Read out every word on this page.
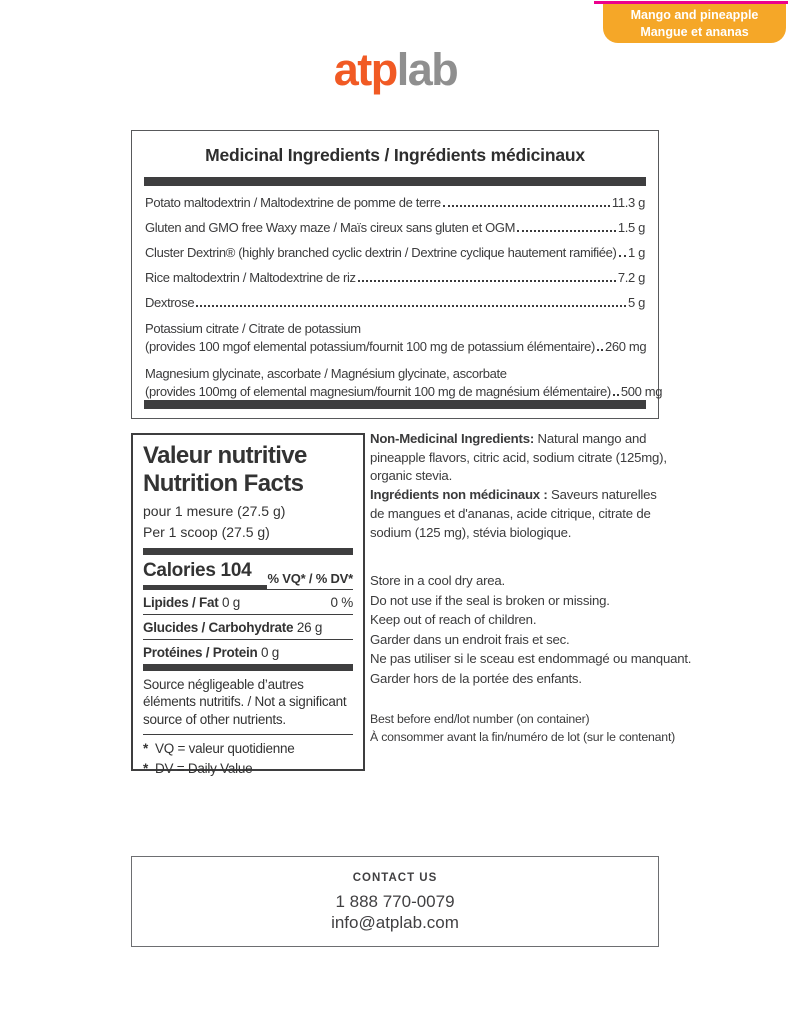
Mango and pineapple
Mangue et ananas
atplab
Medicinal Ingredients / Ingrédients médicinaux
Potato maltodextrin / Maltodextrine de pomme de terre	11.3 g
Gluten and GMO free Waxy maze / Maïs cireux sans gluten et OGM	1.5 g
Cluster Dextrin® (highly branched cyclic dextrin / Dextrine cyclique hautement ramifiée) 1 g
Rice maltodextrin / Maltodextrine de riz	7.2 g
Dextrose	5 g
Potassium citrate / Citrate de potassium
(provides 100 mgof elemental potassium/fournit 100 mg de potassium élémentaire) 260 mg
Magnesium glycinate, ascorbate / Magnésium glycinate, ascorbate
(provides 100mg of elemental magnesium/fournit 100 mg de magnésium élémentaire) 500 mg
Valeur nutritive
Nutrition Facts
pour 1 mesure (27.5 g)
Per 1 scoop (27.5 g)
Calories 104	% VQ* / % DV*
Lipides / Fat 0 g	0 %
Glucides / Carbohydrate 26 g
Protéines / Protein 0 g
Source négligeable d’autres éléments nutritifs. / Not a significant source of other nutrients.
* VQ = valeur quotidienne
* DV = Daily Value
Non-Medicinal Ingredients: Natural mango and pineapple flavors, citric acid, sodium citrate (125mg), organic stevia.
Ingrédients non médicinaux : Saveurs naturelles de mangues et d'ananas, acide citrique, citrate de sodium (125 mg), stévia biologique.
Store in a cool dry area.
Do not use if the seal is broken or missing.
Keep out of reach of children.
Garder dans un endroit frais et sec.
Ne pas utiliser si le sceau est endommagé ou manquant.
Garder hors de la portée des enfants.
Best before end/lot number (on container)
À consommer avant la fin/numéro de lot (sur le contenant)
CONTACT US
1 888 770-0079
info@atplab.com
